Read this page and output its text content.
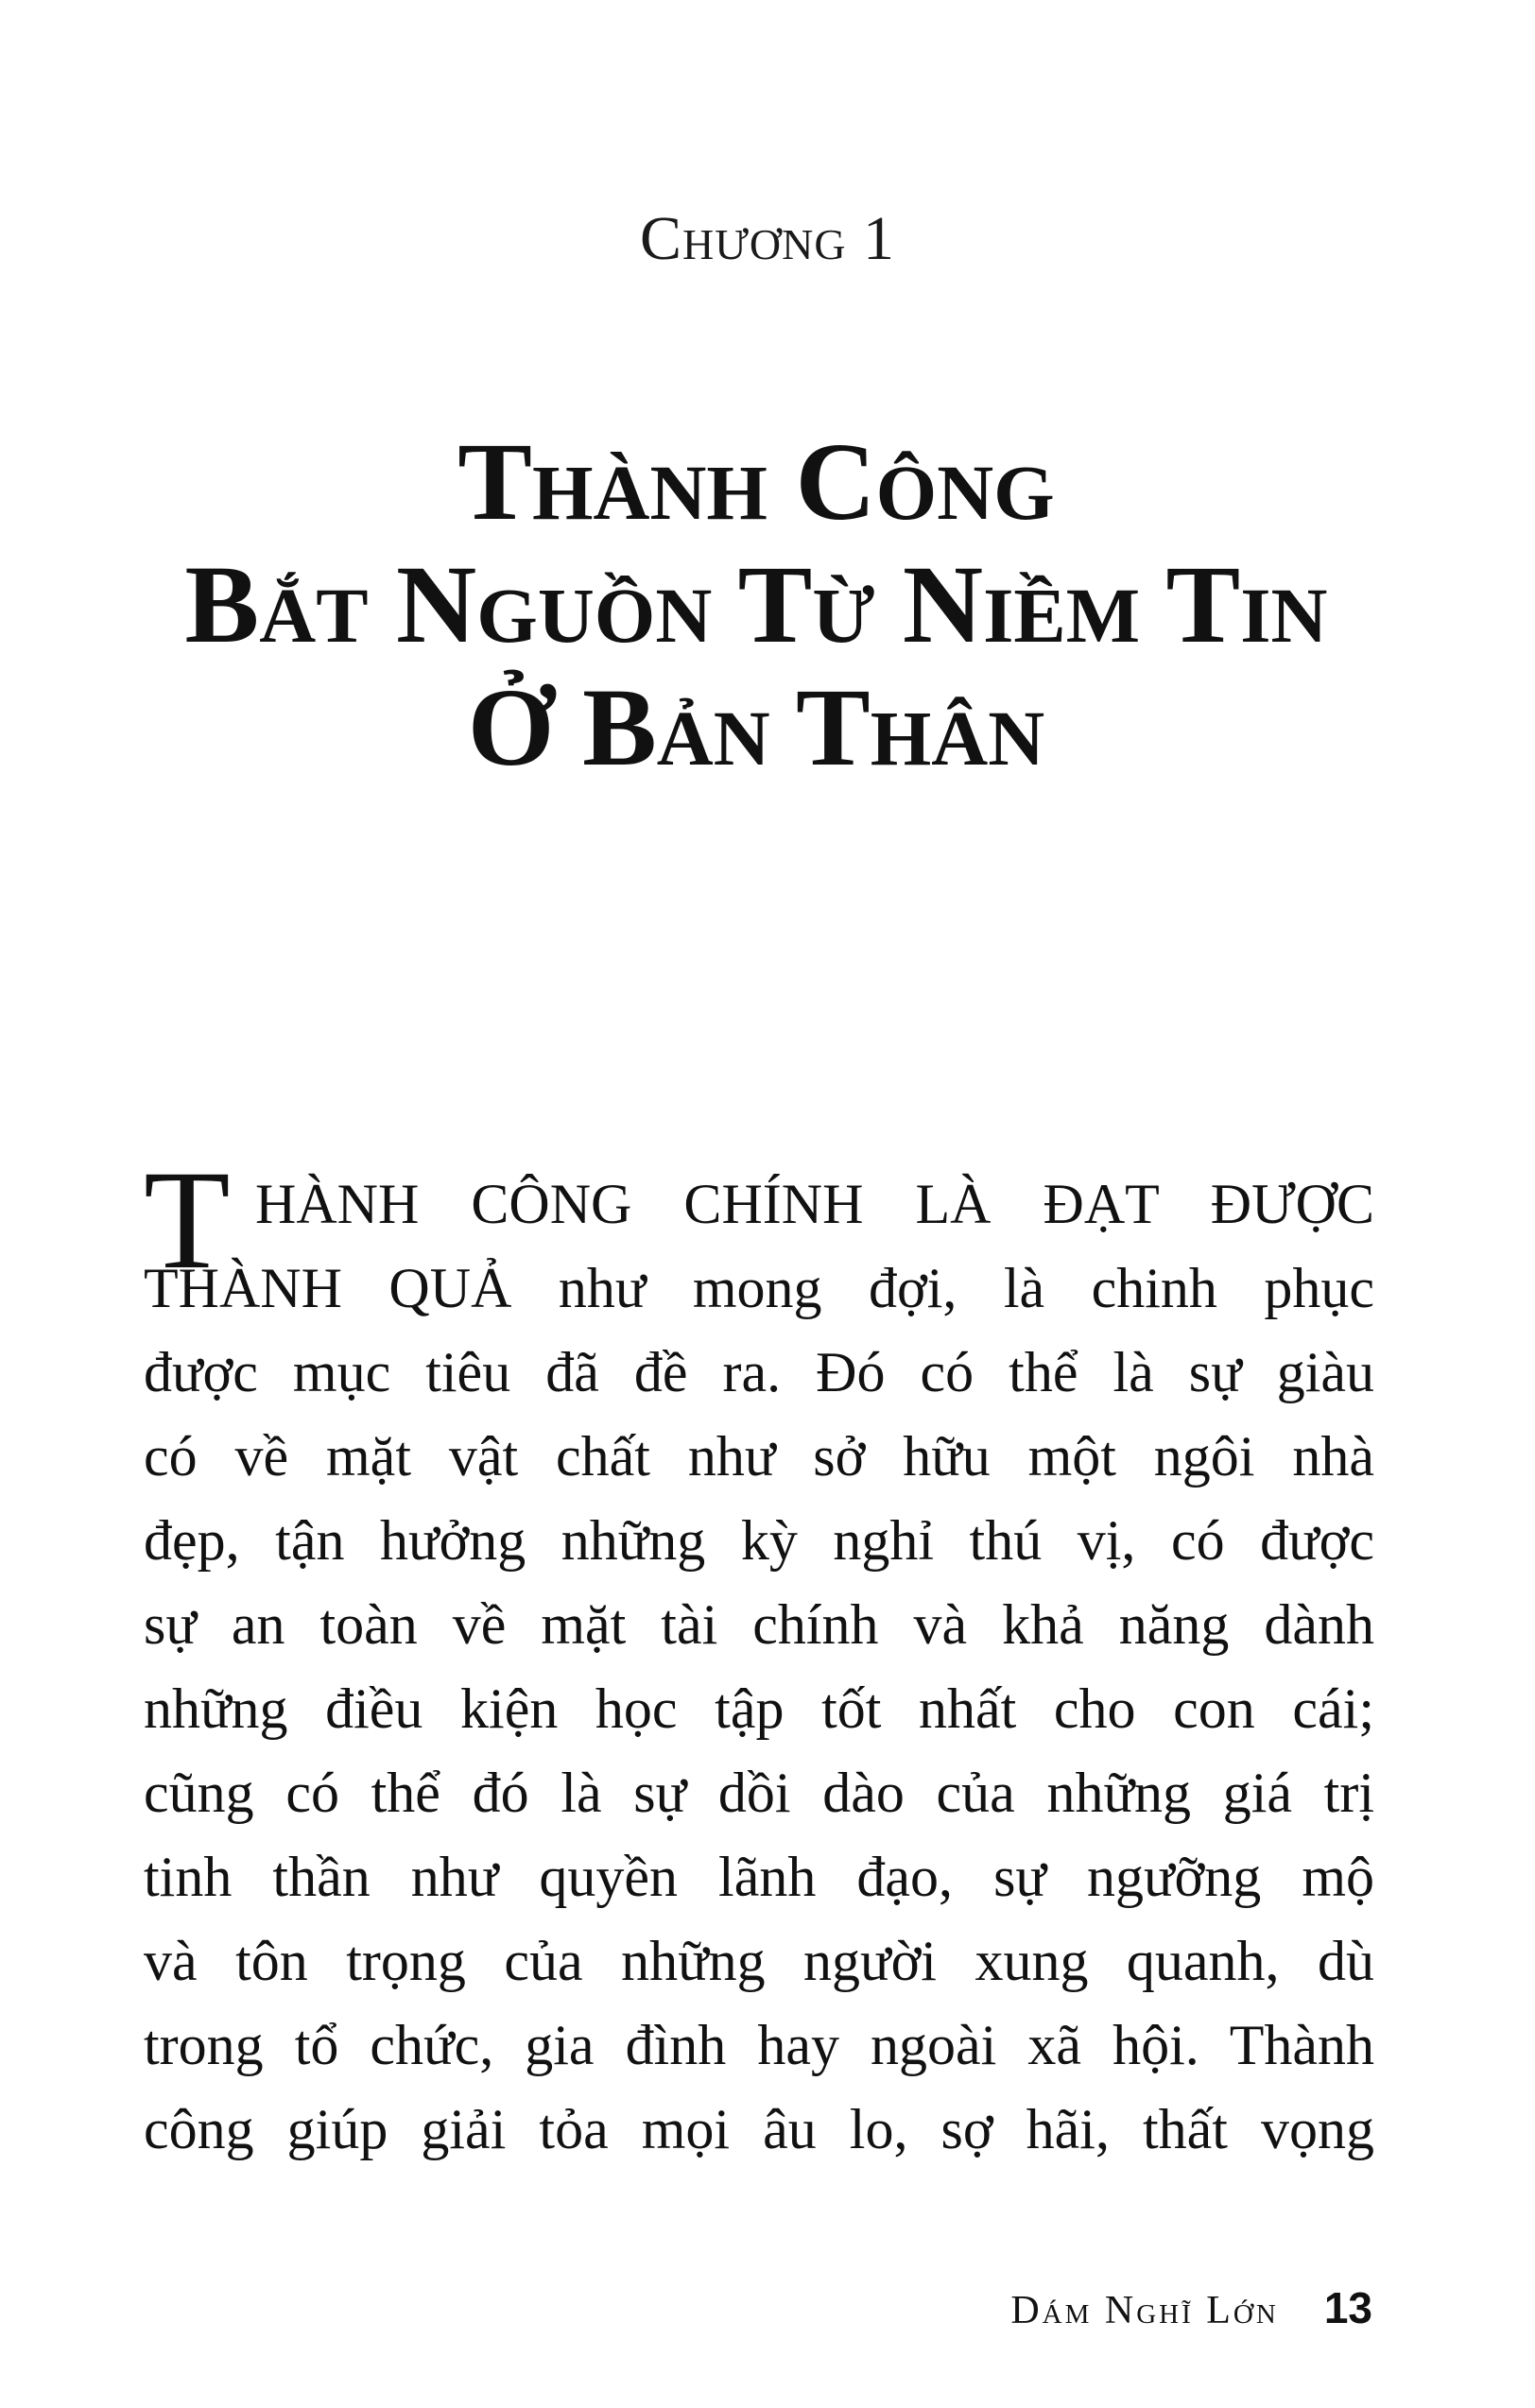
Chương 1
Thành Công
Bắt Nguồn Từ Niềm Tin
Ở Bản Thân
T HÀNH CÔNG CHÍNH LÀ ĐẠT ĐƯỢC
THÀNH QUẢ như mong đợi, là chinh phục
được mục tiêu đã đề ra. Đó có thể là sự giàu
có về mặt vật chất như sở hữu một ngôi nhà
đẹp, tận hưởng những kỳ nghỉ thú vị, có được
sự an toàn về mặt tài chính và khả năng dành
những điều kiện học tập tốt nhất cho con cái;
cũng có thể đó là sự dồi dào của những giá trị
tinh thần như quyền lãnh đạo, sự ngưỡng mộ
và tôn trọng của những người xung quanh, dù
trong tổ chức, gia đình hay ngoài xã hội. Thành
công giúp giải tỏa mọi âu lo, sợ hãi, thất vọng
Dám Nghĩ Lớn 13
